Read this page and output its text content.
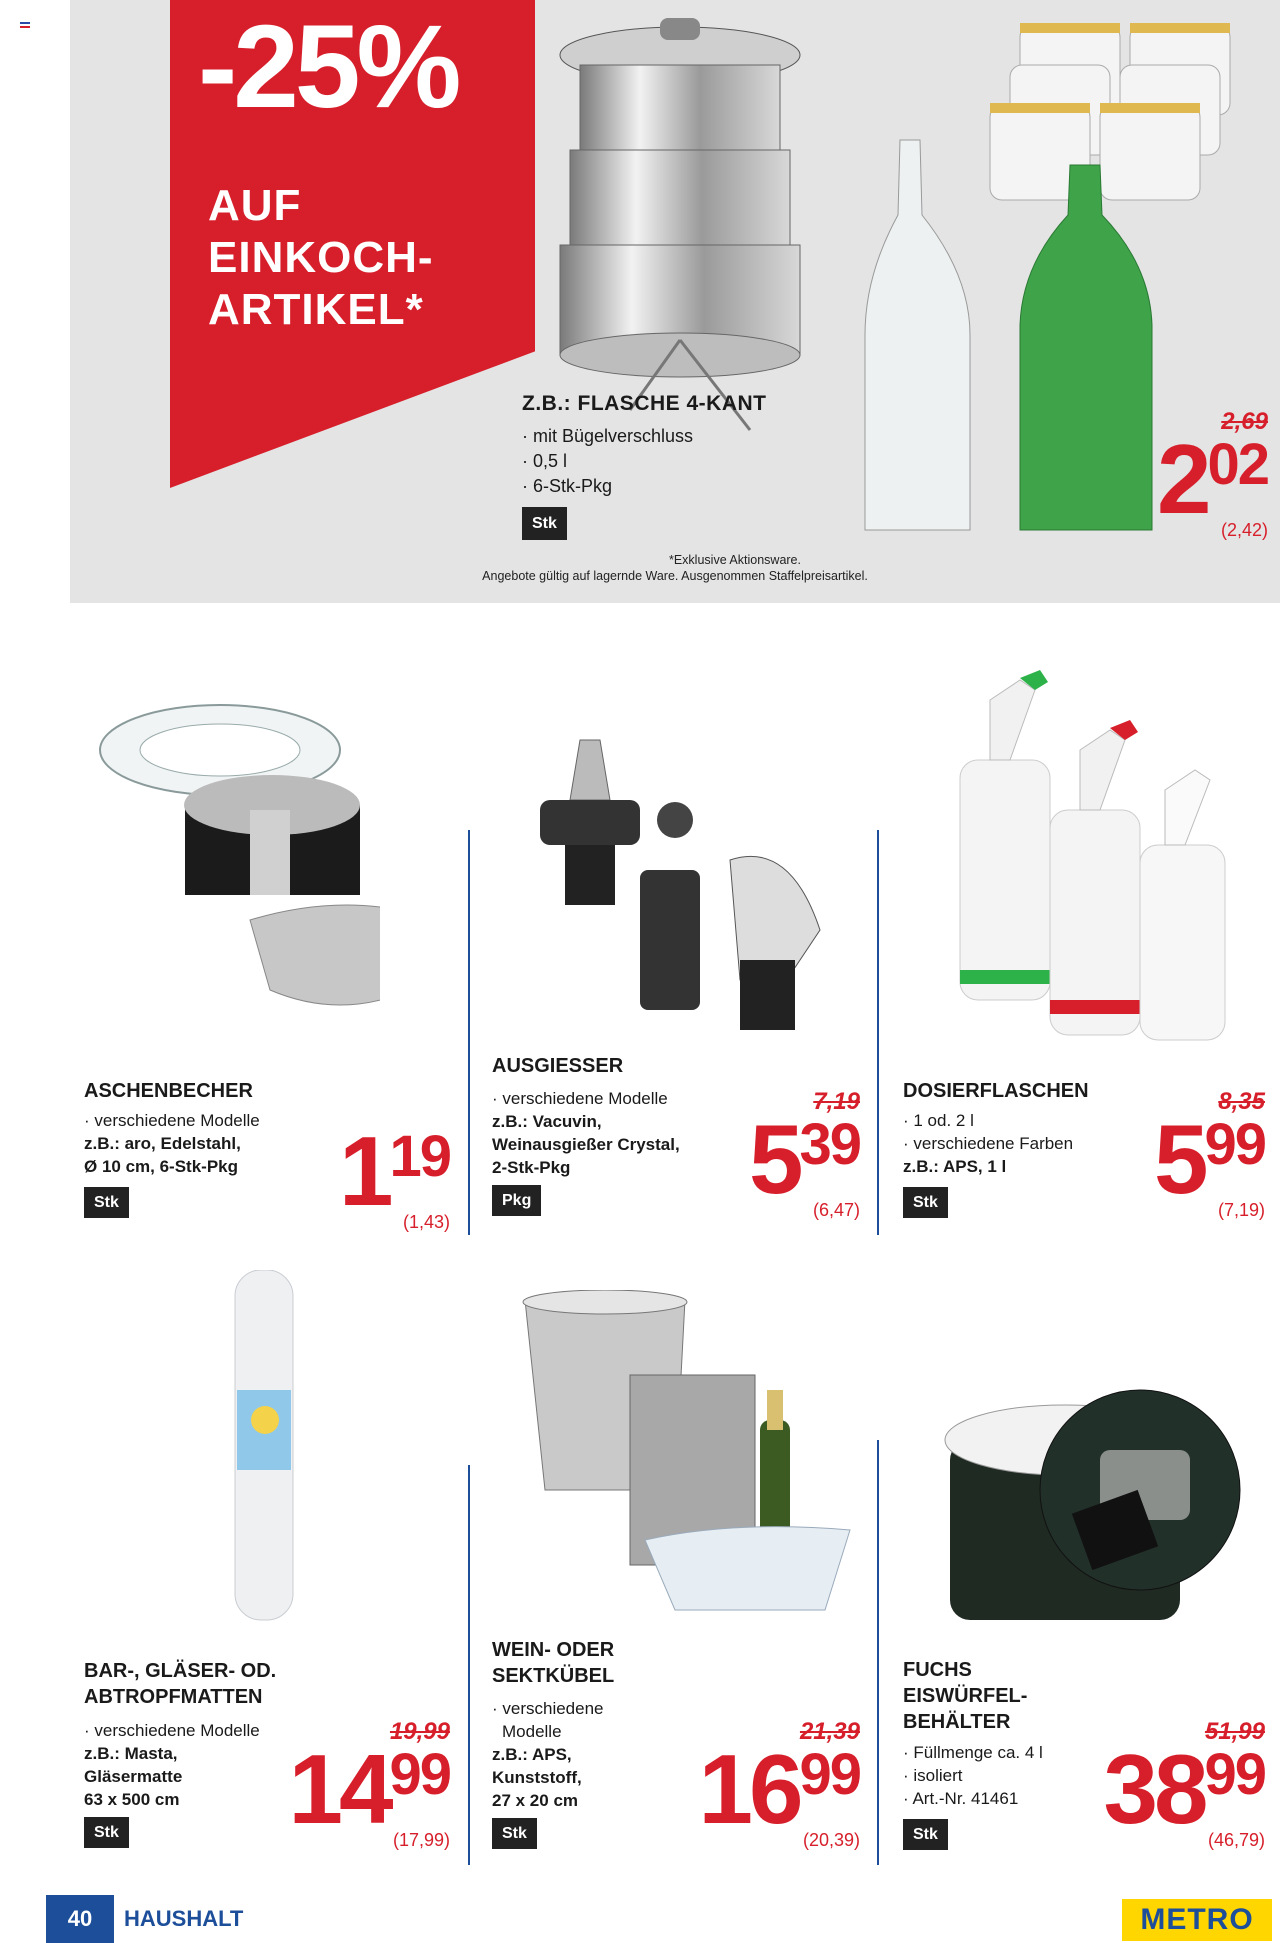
-25%
AUF
EINKOCH-
ARTIKEL*
Z.B.: FLASCHE 4-KANT
· mit Bügelverschluss
· 0,5 l
· 6-Stk-Pkg
Stk
2,69
202
(2,42)
*Exklusive Aktionsware.
Angebote gültig auf lagernde Ware. Ausgenommen Staffelpreisartikel.
ASCHENBECHER
· verschiedene Modelle
z.B.: aro, Edelstahl,
Ø 10 cm, 6-Stk-Pkg
Stk	119
(1,43)
AUSGIESSER
· verschiedene Modelle
z.B.: Vacuvin,
Weinausgießer Crystal,
2-Stk-Pkg
Pkg
7,19
539
(6,47)
DOSIERFLASCHEN
· 1 od. 2 l
· verschiedene Farben
z.B.: APS, 1 l
Stk
8,35
599
(7,19)
BAR-, GLÄSER- OD.
ABTROPFMATTEN
· verschiedene Modelle
z.B.: Masta,
Gläsermatte
63 x 500 cm
Stk
19,99
1499
(17,99)
WEIN- ODER
SEKTKÜBEL
· verschiedene
Modelle
z.B.: APS,
Kunststoff,
27 x 20 cm
Stk
21,39
1699
(20,39)
FUCHS
EISWÜRFEL-
BEHÄLTER
· Füllmenge ca. 4 l
· isoliert
· Art.-Nr. 41461
Stk
51,99
3899
(46,79)
40	HAUSHALT	METRO
